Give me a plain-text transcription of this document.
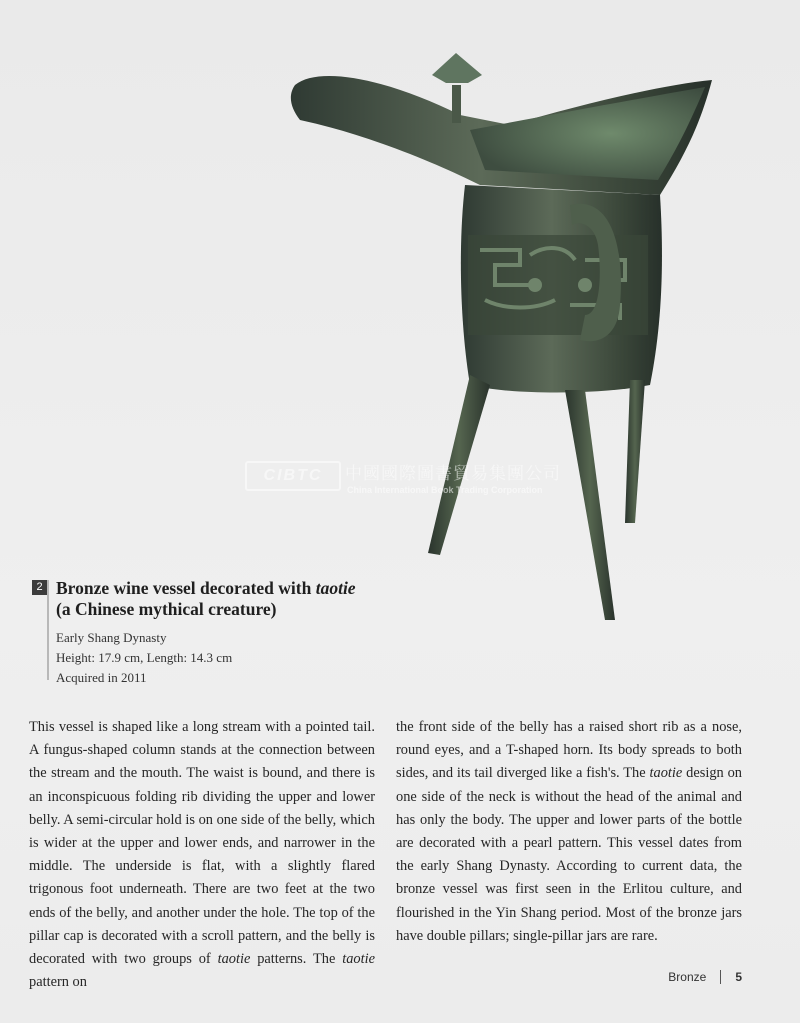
CIBTC	中國國際圖書貿易集團公司
China International Book Trading Corporation
2 Bronze wine vessel decorated with taotie
(a Chinese mythical creature)
Early Shang Dynasty
Height: 17.9 cm, Length: 14.3 cm
Acquired in 2011

This vessel is shaped like a long stream with a pointed tail. A fungus-shaped column stands at the connection between the stream and the mouth. The waist is bound, and there is an inconspicuous folding rib dividing the upper and lower belly. A semi-circular hold is on one side of the belly, which is wider at the upper and lower ends, and narrower in the middle. The underside is flat, with a slightly flared trigonous foot underneath. There are two feet at the two ends of the belly, and another under the hole. The top of the pillar cap is decorated with a scroll pattern, and the belly is decorated with two groups of taotie patterns. The taotie pattern on

the front side of the belly has a raised short rib as a nose, round eyes, and a T-shaped horn. Its body spreads to both sides, and its tail diverged like a fish's. The taotie design on one side of the neck is without the head of the animal and has only the body. The upper and lower parts of the bottle are decorated with a pearl pattern. This vessel dates from the early Shang Dynasty. According to current data, the bronze vessel was first seen in the Erlitou culture, and flourished in the Yin Shang period. Most of the bronze jars have double pillars; single-pillar jars are rare.

Bronze 5
